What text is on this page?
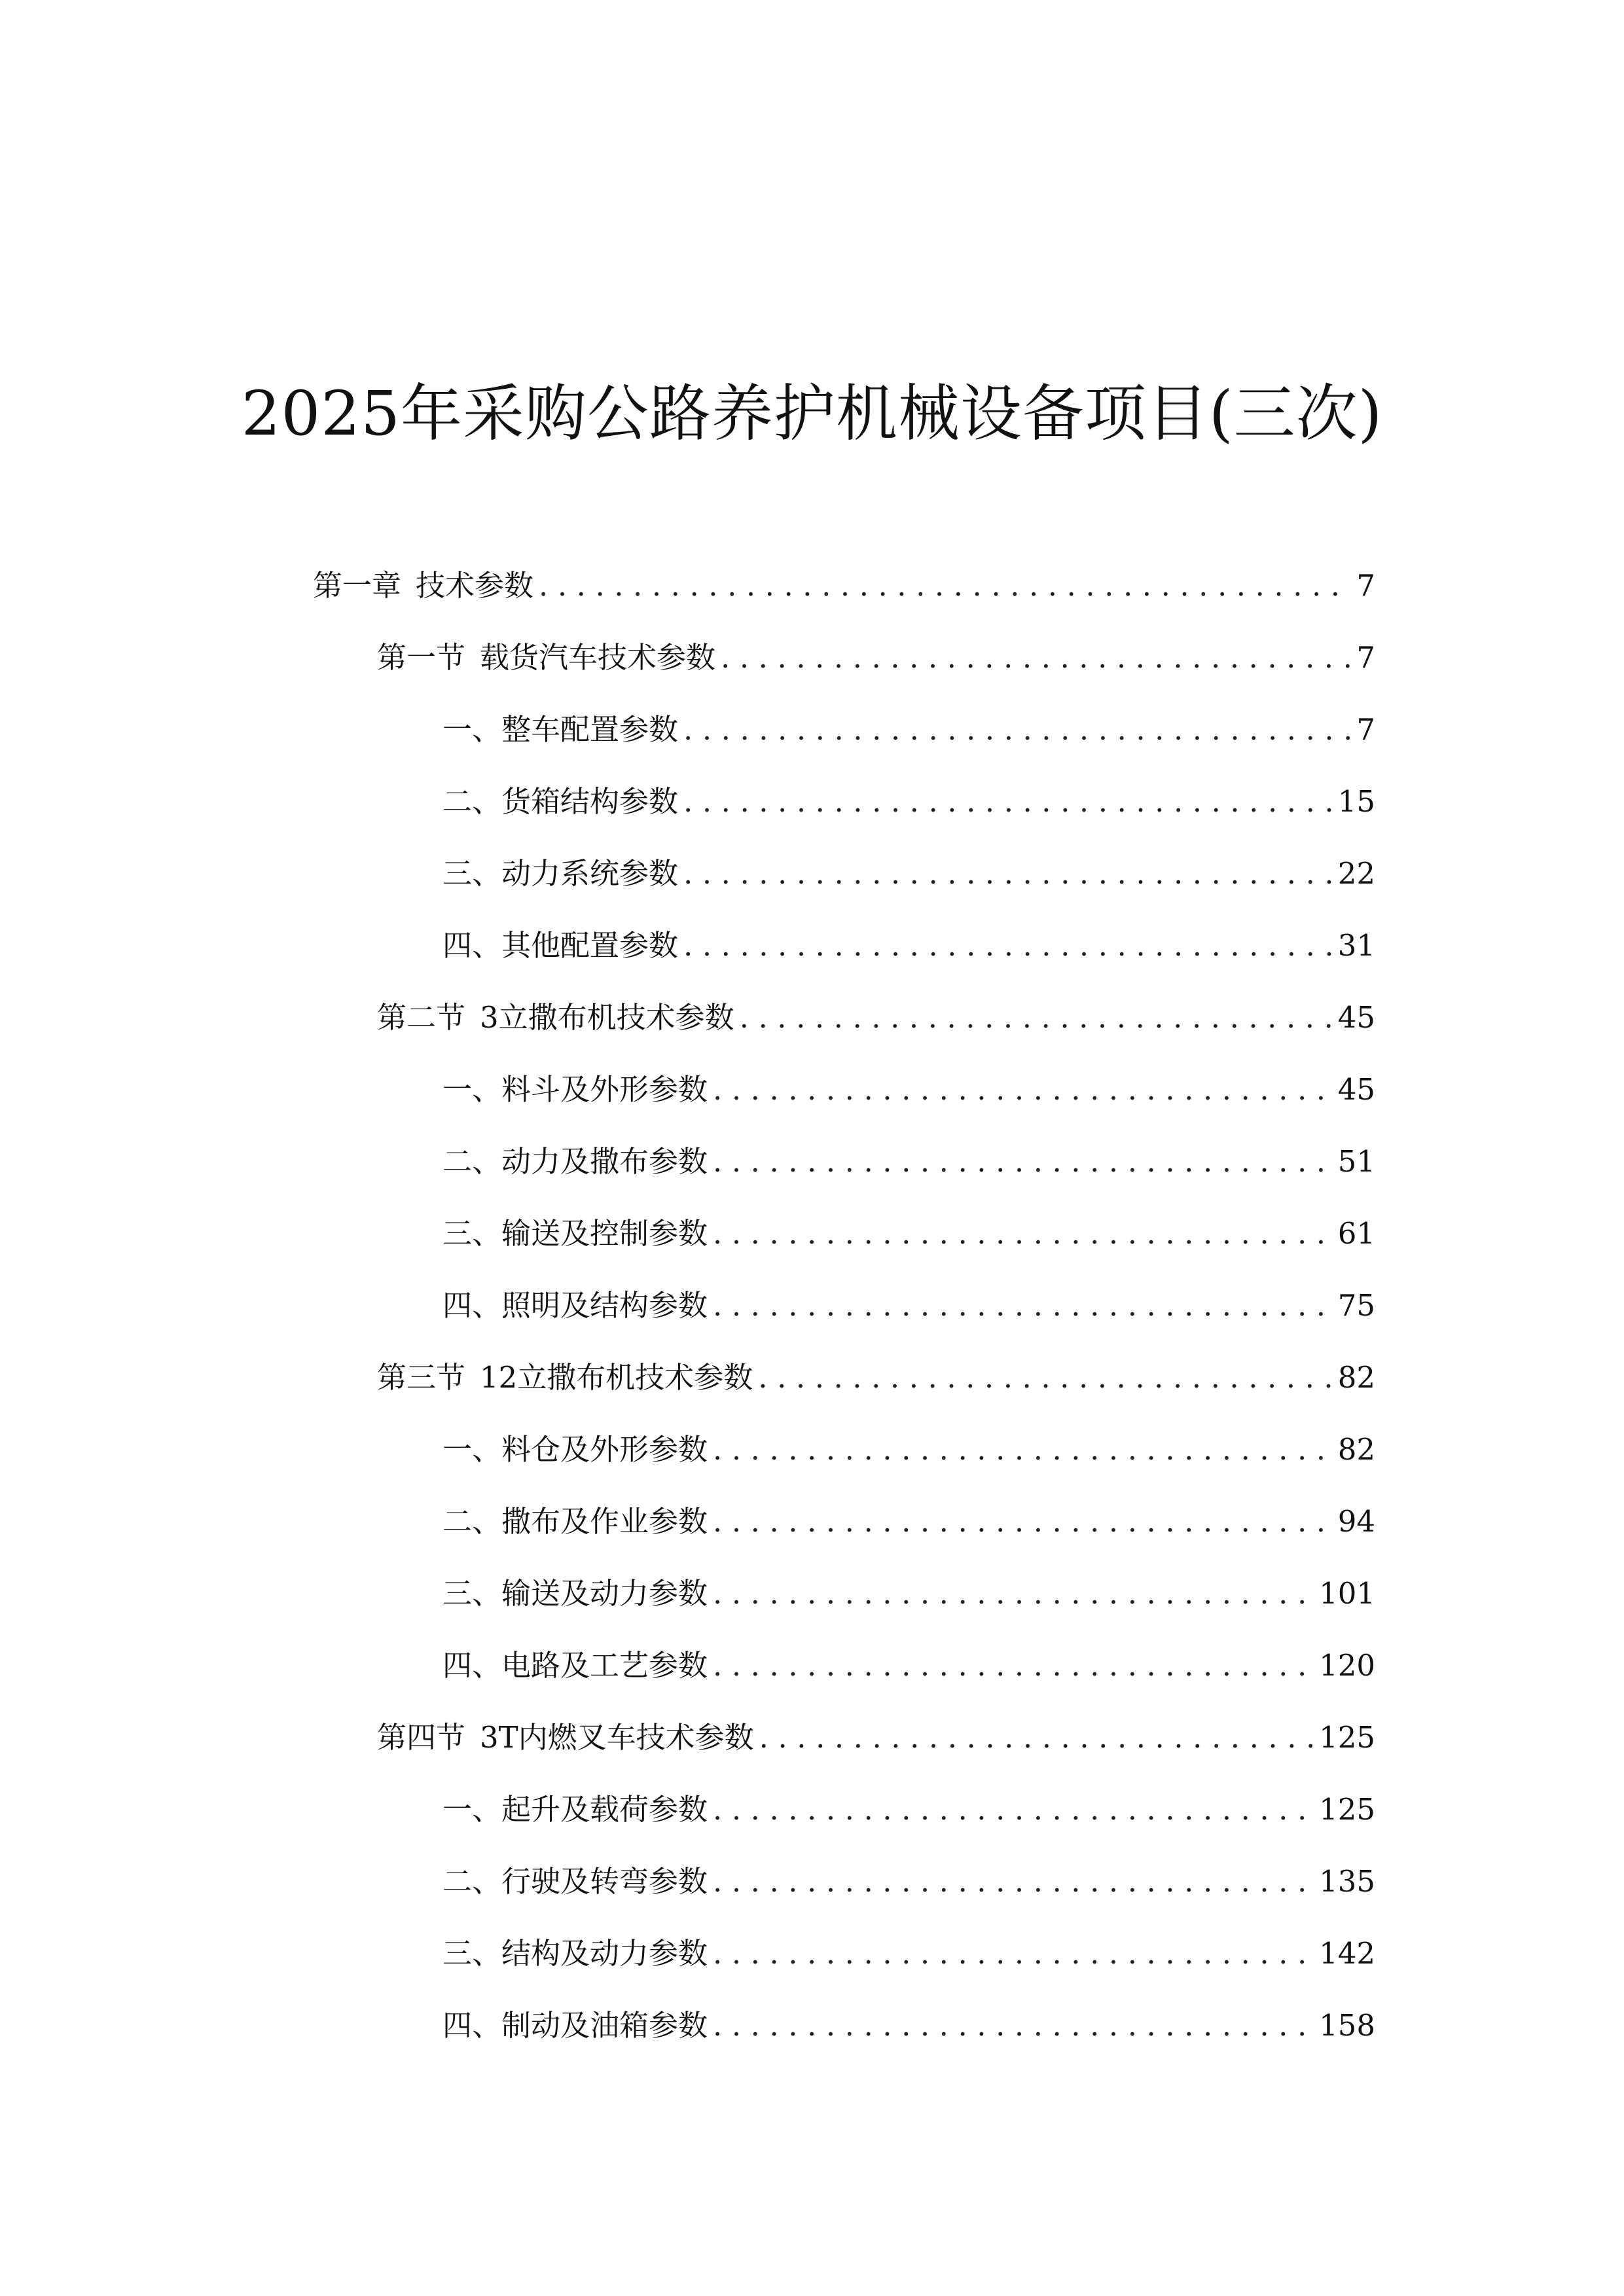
2025年采购公路养护机械设备项目(三次)
第一章 技术参数 .....	7
第一节 载货汽车技术参数 .....	7
一、 整车配置参数 .....	7
二、 货箱结构参数 .....	15
三、 动力系统参数 .....	22
四、 其他配置参数 .....	31
第二节 3立撒布机技术参数 .....	45
一、 料斗及外形参数 .....	45
二、 动力及撒布参数 .....	51
三、 输送及控制参数 .....	61
四、 照明及结构参数 .....	75
第三节 12立撒布机技术参数 .....	82
一、 料仓及外形参数 .....	82
二、 撒布及作业参数 .....	94
三、 输送及动力参数 .....	101
四、 电路及工艺参数 .....	120
第四节 3T内燃叉车技术参数 .....	125
一、 起升及载荷参数 .....	125
二、 行驶及转弯参数 .....	135
三、 结构及动力参数 .....	142
四、 制动及油箱参数 .....	158
